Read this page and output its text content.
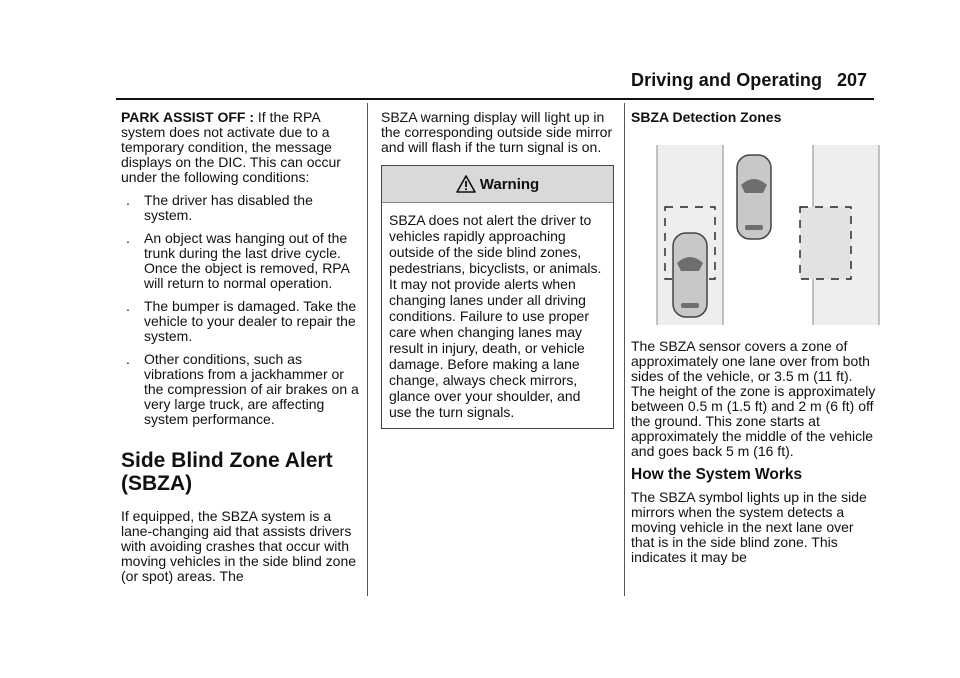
Driving and Operating 207

PARK ASSIST OFF : If the RPA system does not activate due to a temporary condition, the message displays on the DIC. This can occur under the following conditions:

. The driver has disabled the system.
. An object was hanging out of the trunk during the last drive cycle. Once the object is removed, RPA will return to normal operation.
. The bumper is damaged. Take the vehicle to your dealer to repair the system.
. Other conditions, such as vibrations from a jackhammer or the compression of air brakes on a very large truck, are affecting system performance.
Side Blind Zone Alert (SBZA)

If equipped, the SBZA system is a lane-changing aid that assists drivers with avoiding crashes that occur with moving vehicles in the side blind zone (or spot) areas. The

SBZA warning display will light up in the corresponding outside side mirror and will flash if the turn signal is on.

Warning
SBZA does not alert the driver to vehicles rapidly approaching outside of the side blind zones, pedestrians, bicyclists, or animals. It may not provide alerts when changing lanes under all driving conditions. Failure to use proper care when changing lanes may result in injury, death, or vehicle damage. Before making a lane change, always check mirrors, glance over your shoulder, and use the turn signals.
SBZA Detection Zones

The SBZA sensor covers a zone of approximately one lane over from both sides of the vehicle, or 3.5 m (11 ft). The height of the zone is approximately between 0.5 m (1.5 ft) and 2 m (6 ft) off the ground. This zone starts at approximately the middle of the vehicle and goes back 5 m (16 ft).

How the System Works

The SBZA symbol lights up in the side mirrors when the system detects a moving vehicle in the next lane over that is in the side blind zone. This indicates it may be
